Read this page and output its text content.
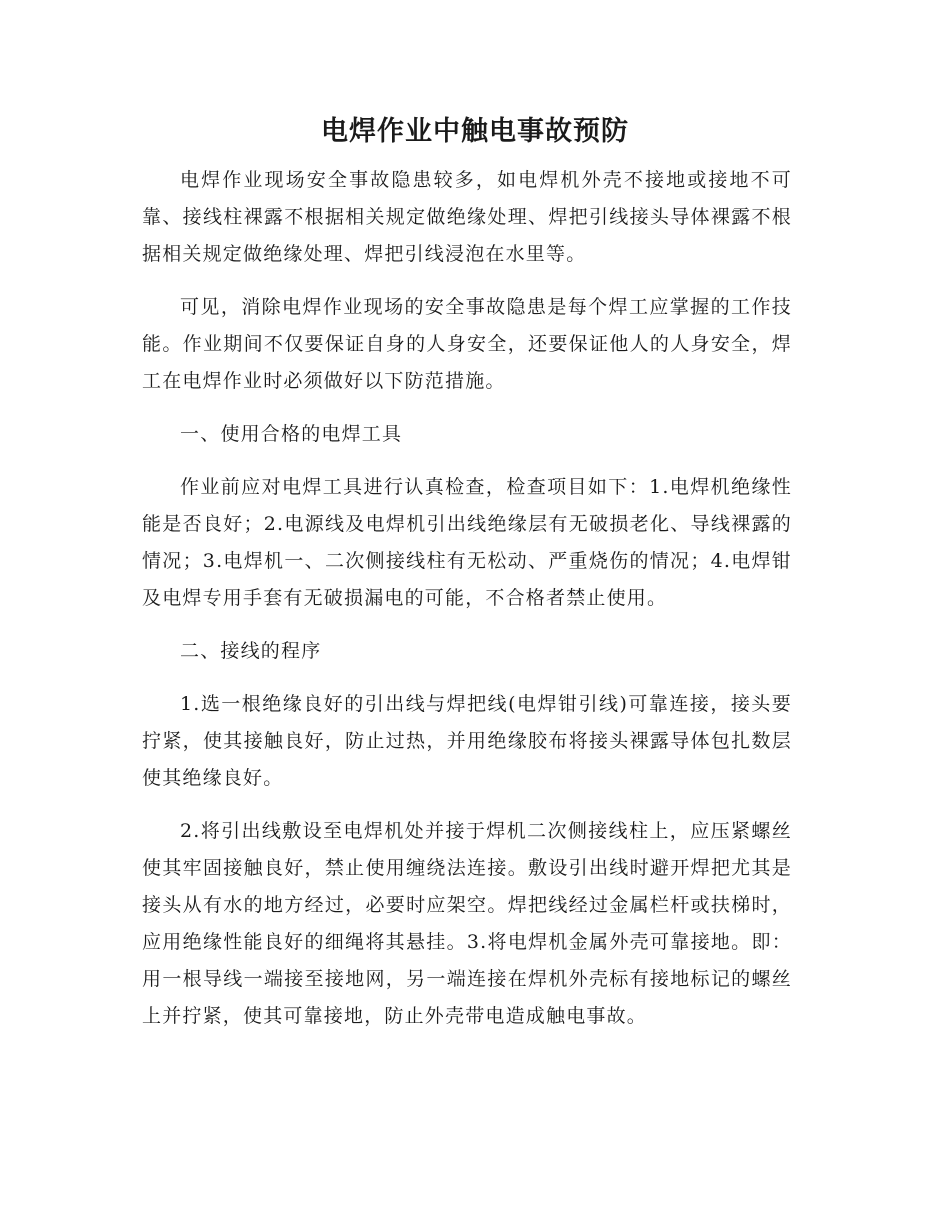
电焊作业中触电事故预防

电焊作业现场安全事故隐患较多，如电焊机外壳不接地或接地不可靠、接线柱裸露不根据相关规定做绝缘处理、焊把引线接头导体裸露不根据相关规定做绝缘处理、焊把引线浸泡在水里等。

可见，消除电焊作业现场的安全事故隐患是每个焊工应掌握的工作技能。作业期间不仅要保证自身的人身安全，还要保证他人的人身安全，焊工在电焊作业时必须做好以下防范措施。

一、使用合格的电焊工具

作业前应对电焊工具进行认真检查，检查项目如下：1.电焊机绝缘性能是否良好；2.电源线及电焊机引出线绝缘层有无破损老化、导线裸露的情况；3.电焊机一、二次侧接线柱有无松动、严重烧伤的情况；4.电焊钳及电焊专用手套有无破损漏电的可能，不合格者禁止使用。

二、接线的程序

1.选一根绝缘良好的引出线与焊把线(电焊钳引线)可靠连接，接头要拧紧，使其接触良好，防止过热，并用绝缘胶布将接头裸露导体包扎数层使其绝缘良好。

2.将引出线敷设至电焊机处并接于焊机二次侧接线柱上，应压紧螺丝使其牢固接触良好，禁止使用缠绕法连接。敷设引出线时避开焊把尤其是接头从有水的地方经过，必要时应架空。焊把线经过金属栏杆或扶梯时，应用绝缘性能良好的细绳将其悬挂。3.将电焊机金属外壳可靠接地。即：用一根导线一端接至接地网，另一端连接在焊机外壳标有接地标记的螺丝上并拧紧，使其可靠接地，防止外壳带电造成触电事故。
